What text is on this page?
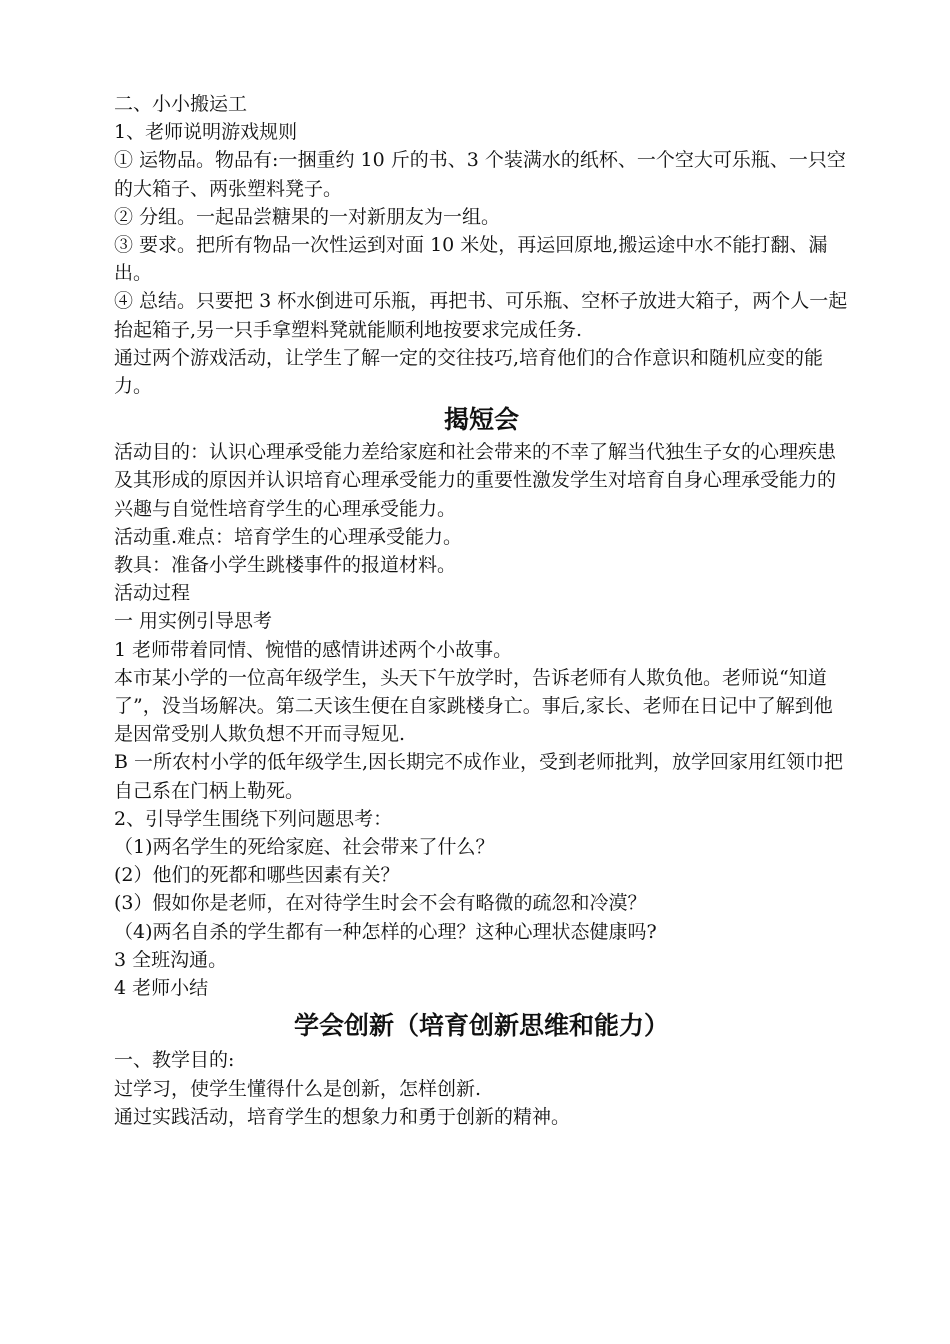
二、小小搬运工

1、老师说明游戏规则

① 运物品。物品有:一捆重约 10 斤的书、3 个装满水的纸杯、一个空大可乐瓶、一只空的大箱子、两张塑料凳子。

② 分组。一起品尝糖果的一对新朋友为一组。

③ 要求。把所有物品一次性运到对面 10 米处，再运回原地,搬运途中水不能打翻、漏出。

④ 总结。只要把 3 杯水倒进可乐瓶，再把书、可乐瓶、空杯子放进大箱子，两个人一起抬起箱子,另一只手拿塑料凳就能顺利地按要求完成任务.

通过两个游戏活动，让学生了解一定的交往技巧,培育他们的合作意识和随机应变的能力。

揭短会

活动目的：认识心理承受能力差给家庭和社会带来的不幸了解当代独生子女的心理疾患及其形成的原因并认识培育心理承受能力的重要性激发学生对培育自身心理承受能力的兴趣与自觉性培育学生的心理承受能力。

活动重.难点：培育学生的心理承受能力。

教具：准备小学生跳楼事件的报道材料。

活动过程

一 用实例引导思考

1 老师带着同情、惋惜的感情讲述两个小故事。

本市某小学的一位高年级学生，头天下午放学时，告诉老师有人欺负他。老师说“知道了”，没当场解决。第二天该生便在自家跳楼身亡。事后,家长、老师在日记中了解到他是因常受别人欺负想不开而寻短见.

B 一所农村小学的低年级学生,因长期完不成作业，受到老师批判，放学回家用红领巾把自己系在门柄上勒死。

2、引导学生围绕下列问题思考：

（1)两名学生的死给家庭、社会带来了什么？

(2）他们的死都和哪些因素有关？

(3）假如你是老师，在对待学生时会不会有略微的疏忽和冷漠？

（4)两名自杀的学生都有一种怎样的心理？这种心理状态健康吗?

3 全班沟通。

4 老师小结

学会创新（培育创新思维和能力）

一、教学目的:

过学习，使学生懂得什么是创新，怎样创新.

通过实践活动，培育学生的想象力和勇于创新的精神。
